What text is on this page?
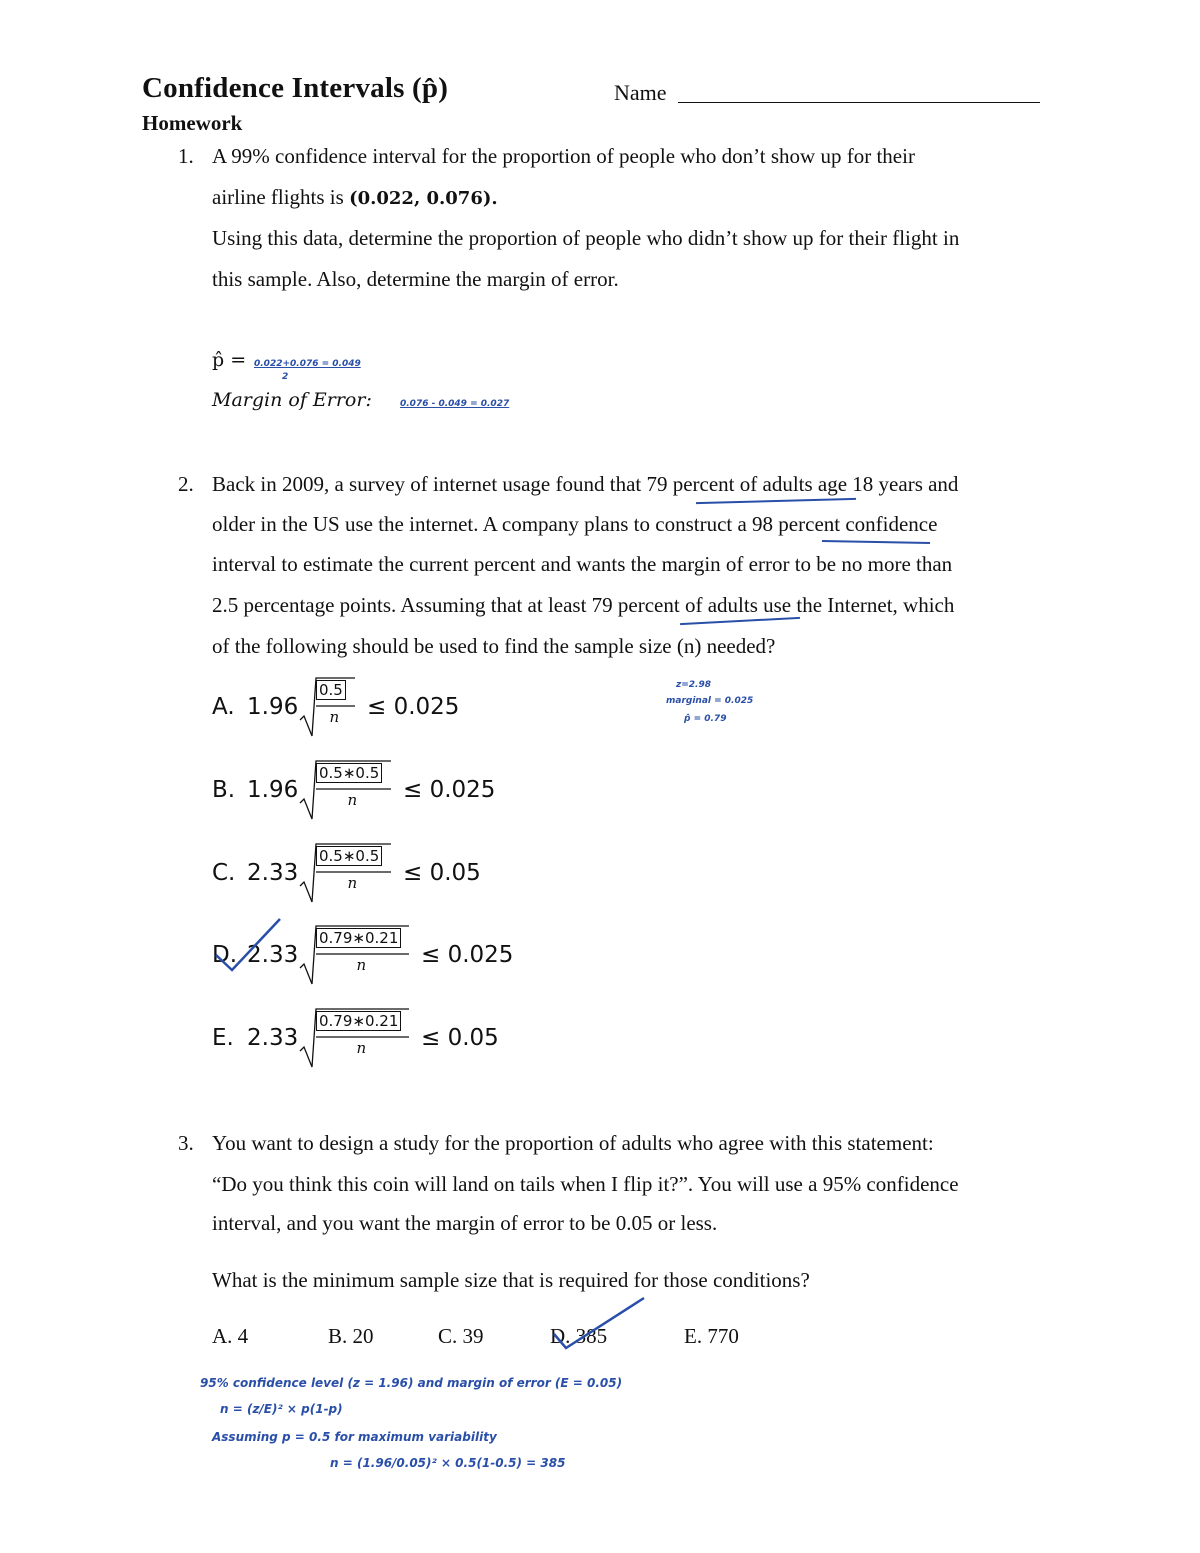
Confidence Intervals (p̂)	Name
Homework
1. A 99% confidence interval for the proportion of people who don’t show up for their
airline flights is (0.022, 0.076).
Using this data, determine the proportion of people who didn’t show up for their flight in
this sample. Also, determine the margin of error.
p̂ = 0.022+0.076 = 0.049
2
Margin of Error:	0.076 - 0.049 = 0.027
2. Back in 2009, a survey of internet usage found that 79 percent of adults age 18 years and
older in the US use the internet. A company plans to construct a 98 percent confidence
interval to estimate the current percent and wants the margin of error to be no more than
2.5 percentage points. Assuming that at least 79 percent of adults use the Internet, which
of the following should be used to find the sample size (n) needed?
A. 1.96
0.5
n ≤ 0.025
B. 1.96
0.5∗0.5
n ≤ 0.025
C. 2.33
0.5∗0.5
n ≤ 0.05
D. 2.33
0.79∗0.21
n ≤ 0.025
E. 2.33
0.79∗0.21
n ≤ 0.05
z=2.98
marginal = 0.025
p̂ = 0.79
3. You want to design a study for the proportion of adults who agree with this statement:
“Do you think this coin will land on tails when I flip it?”. You will use a 95% confidence
interval, and you want the margin of error to be 0.05 or less.
What is the minimum sample size that is required for those conditions?
A. 4	B. 20	C. 39	D. 385	E. 770
95% confidence level (z = 1.96) and margin of error (E = 0.05)
n = (z/E)² × p(1-p)
Assuming p = 0.5 for maximum variability
n = (1.96/0.05)² × 0.5(1-0.5) = 385
